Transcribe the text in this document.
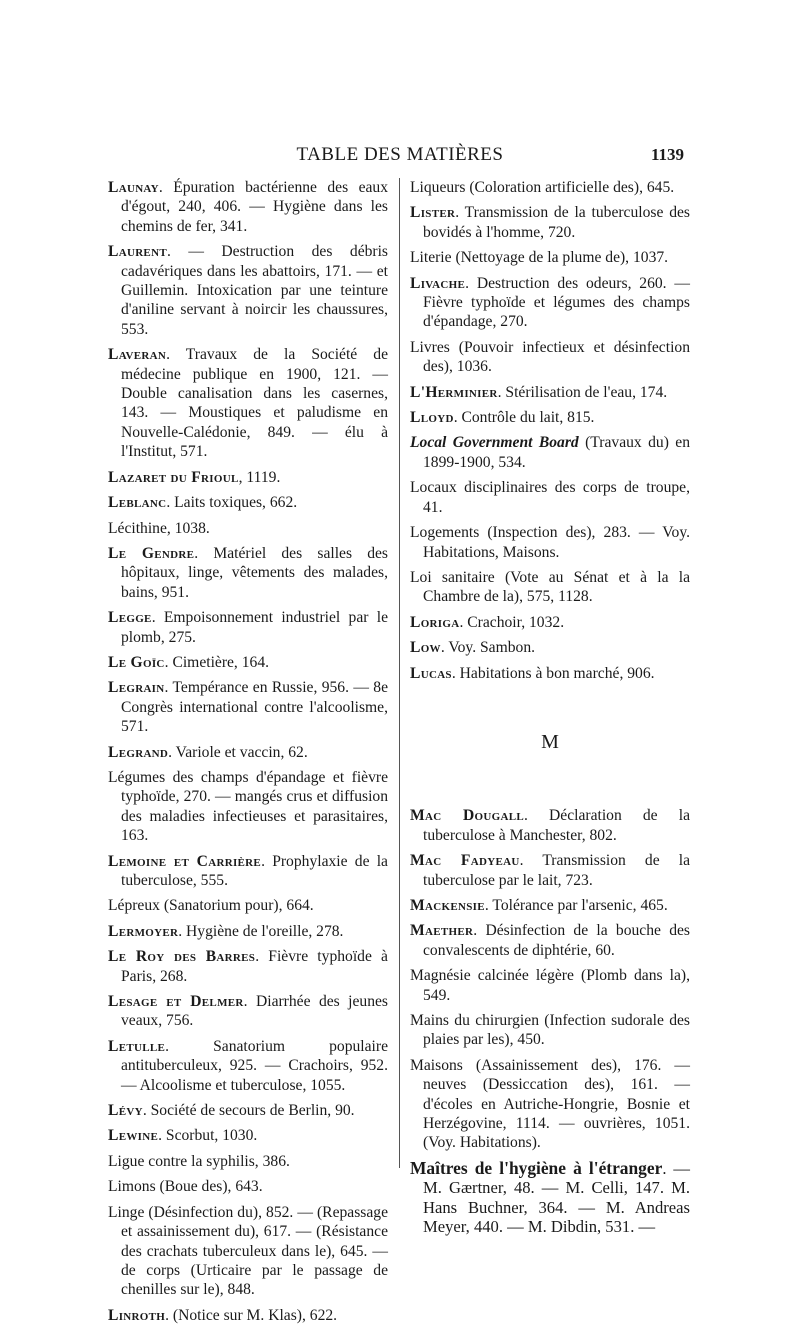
TABLE DES MATIÈRES	1139
Launay. Épuration bactérienne des eaux d'égout, 240, 406. — Hygiène dans les chemins de fer, 341.
Laurent. — Destruction des débris cadavériques dans les abattoirs, 171. — et Guillemin. Intoxication par une teinture d'aniline servant à noircir les chaussures, 553.
Laveran. Travaux de la Société de médecine publique en 1900, 121. — Double canalisation dans les casernes, 143. — Moustiques et paludisme en Nouvelle-Calédonie, 849. — élu à l'Institut, 571.
Lazaret du Frioul, 1119.
Leblanc. Laits toxiques, 662.
Lécithine, 1038.
Le Gendre. Matériel des salles des hôpitaux, linge, vêtements des malades, bains, 951.
Legge. Empoisonnement industriel par le plomb, 275.
Le Goïc. Cimetière, 164.
Legrain. Tempérance en Russie, 956. — 8e Congrès international contre l'alcoolisme, 571.
Legrand. Variole et vaccin, 62.
Légumes des champs d'épandage et fièvre typhoïde, 270. — mangés crus et diffusion des maladies infectieuses et parasitaires, 163.
Lemoine et Carrière. Prophylaxie de la tuberculose, 555.
Lépreux (Sanatorium pour), 664.
Lermoyer. Hygiène de l'oreille, 278.
Le Roy des Barres. Fièvre typhoïde à Paris, 268.
Lesage et Delmer. Diarrhée des jeunes veaux, 756.
Letulle. Sanatorium populaire antituberculeux, 925. — Crachoirs, 952. — Alcoolisme et tuberculose, 1055.
Lévy. Société de secours de Berlin, 90.
Lewine. Scorbut, 1030.
Ligue contre la syphilis, 386.
Limons (Boue des), 643.
Linge (Désinfection du), 852. — (Repassage et assainissement du), 617. — (Résistance des crachats tuberculeux dans le), 645. — de corps (Urticaire par le passage de chenilles sur le), 848.
Linroth. (Notice sur M. Klas), 622.
Liqueurs (Coloration artificielle des), 645.
Lister. Transmission de la tuberculose des bovidés à l'homme, 720.
Literie (Nettoyage de la plume de), 1037.
Livache. Destruction des odeurs, 260. — Fièvre typhoïde et légumes des champs d'épandage, 270.
Livres (Pouvoir infectieux et désinfection des), 1036.
L'Herminier. Stérilisation de l'eau, 174.
Lloyd. Contrôle du lait, 815.
Local Government Board (Travaux du) en 1899-1900, 534.
Locaux disciplinaires des corps de troupe, 41.
Logements (Inspection des), 283. — Voy. Habitations, Maisons.
Loi sanitaire (Vote au Sénat et à la la Chambre de la), 575, 1128.
Loriga. Crachoir, 1032.
Low. Voy. Sambon.
Lucas. Habitations à bon marché, 906.
M
Mac Dougall. Déclaration de la tuberculose à Manchester, 802.
Mac Fadyeau. Transmission de la tuberculose par le lait, 723.
Mackensie. Tolérance par l'arsenic, 465.
Maether. Désinfection de la bouche des convalescents de diphtérie, 60.
Magnésie calcinée légère (Plomb dans la), 549.
Mains du chirurgien (Infection sudorale des plaies par les), 450.
Maisons (Assainissement des), 176. — neuves (Dessiccation des), 161. — d'écoles en Autriche-Hongrie, Bosnie et Herzégovine, 1114. — ouvrières, 1051. (Voy. Habitations).
Maîtres de l'hygiène à l'étranger. — M. Gærtner, 48. — M. Celli, 147. M. Hans Buchner, 364. — M. Andreas Meyer, 440. — M. Dibdin, 531. —
